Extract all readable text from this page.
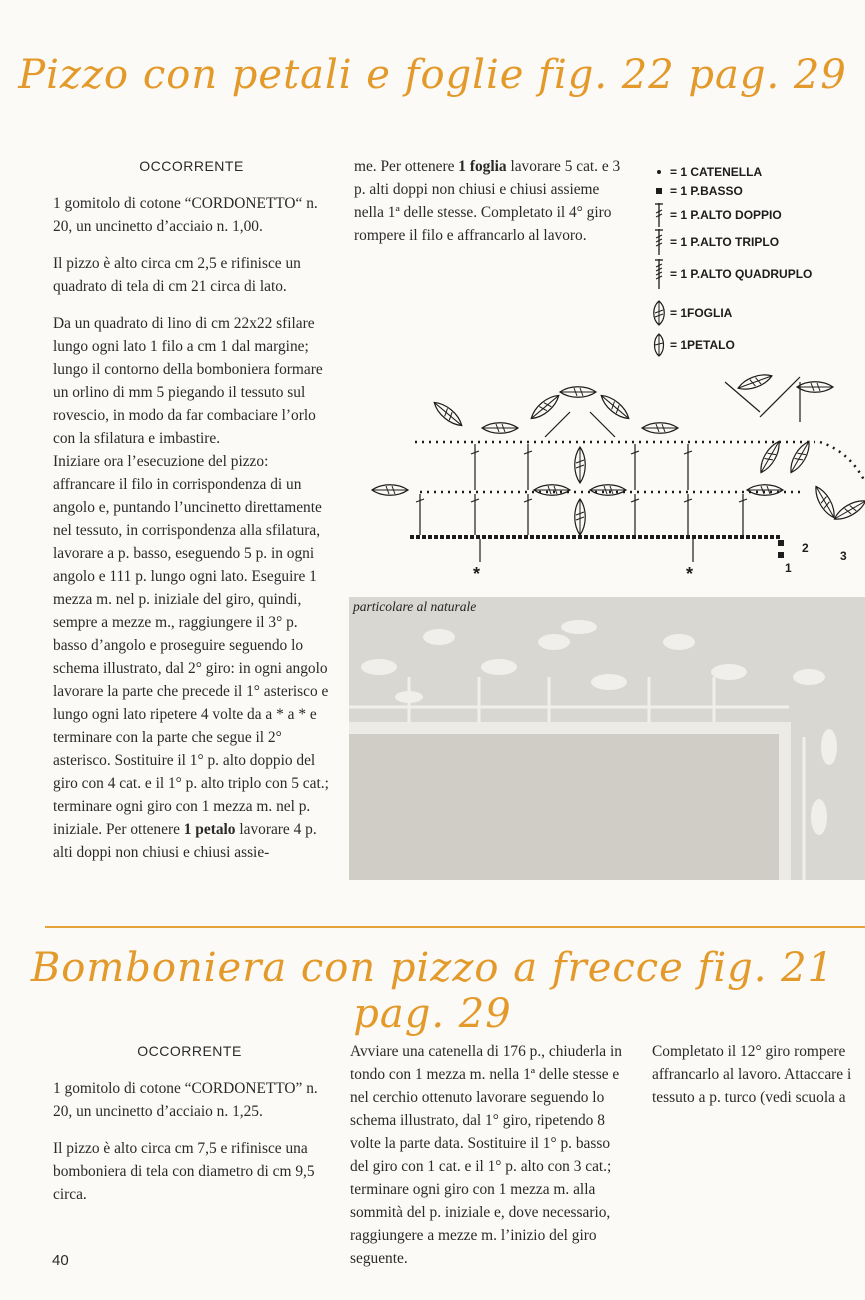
Pizzo con petali e foglie fig. 22 pag. 29

OCCORRENTE

1 gomitolo di cotone “CORDONETTO“ n. 20, un uncinetto d’acciaio n. 1,00.

Il pizzo è alto circa cm 2,5 e rifinisce un quadrato di tela di cm 21 circa di lato.

Da un quadrato di lino di cm 22x22 sfilare lungo ogni lato 1 filo a cm 1 dal margine; lungo il contorno della bomboniera formare un orlino di mm 5 piegando il tessuto sul rovescio, in modo da far combaciare l’orlo con la sfilatura e imbastire.

Iniziare ora l’esecuzione del pizzo: affrancare il filo in corrispondenza di un angolo e, puntando l’uncinetto direttamente nel tessuto, in corrispondenza alla sfilatura, lavorare a p. basso, eseguendo 5 p. in ogni angolo e 111 p. lungo ogni lato. Eseguire 1 mezza m. nel p. iniziale del giro, quindi, sempre a mezze m., raggiungere il 3° p. basso d’angolo e proseguire seguendo lo schema illustrato, dal 2° giro: in ogni angolo lavorare la parte che precede il 1° asterisco e lungo ogni lato ripetere 4 volte da a * a * e terminare con la parte che segue il 2° asterisco. Sostituire il 1° p. alto doppio del giro con 4 cat. e il 1° p. alto triplo con 5 cat.; terminare ogni giro con 1 mezza m. nel p. iniziale. Per ottenere 1 petalo lavorare 4 p. alti doppi non chiusi e chiusi assie-

me. Per ottenere 1 foglia lavorare 5 cat. e 3 p. alti doppi non chiusi e chiusi assieme nella 1ª delle stesse. Completato il 4° giro rompere il filo e affrancarlo al lavoro.

= 1 CATENELLA
= 1 P.BASSO
= 1 P.ALTO DOPPIO
= 1 P.ALTO TRIPLO
= 1 P.ALTO QUADRUPLO
= 1FOGLIA
= 1PETALO
1
2
3
*	*
particolare al naturale
Bomboniera con pizzo a frecce fig. 21 pag. 29

OCCORRENTE

1 gomitolo di cotone “CORDONETTO” n. 20, un uncinetto d’acciaio n. 1,25.

Il pizzo è alto circa cm 7,5 e rifinisce una bomboniera di tela con diametro di cm 9,5 circa.

Avviare una catenella di 176 p., chiuderla in tondo con 1 mezza m. nella 1ª delle stesse e nel cerchio ottenuto lavorare seguendo lo schema illustrato, dal 1° giro, ripetendo 8 volte la parte data. Sostituire il 1° p. basso del giro con 1 cat. e il 1° p. alto con 3 cat.; terminare ogni giro con 1 mezza m. alla sommità del p. iniziale e, dove necessario, raggiungere a mezze m. l’inizio del giro seguente.

Completato il 12° giro rompere
affrancarlo al lavoro. Attaccare i
tessuto a p. turco (vedi scuola a
40
